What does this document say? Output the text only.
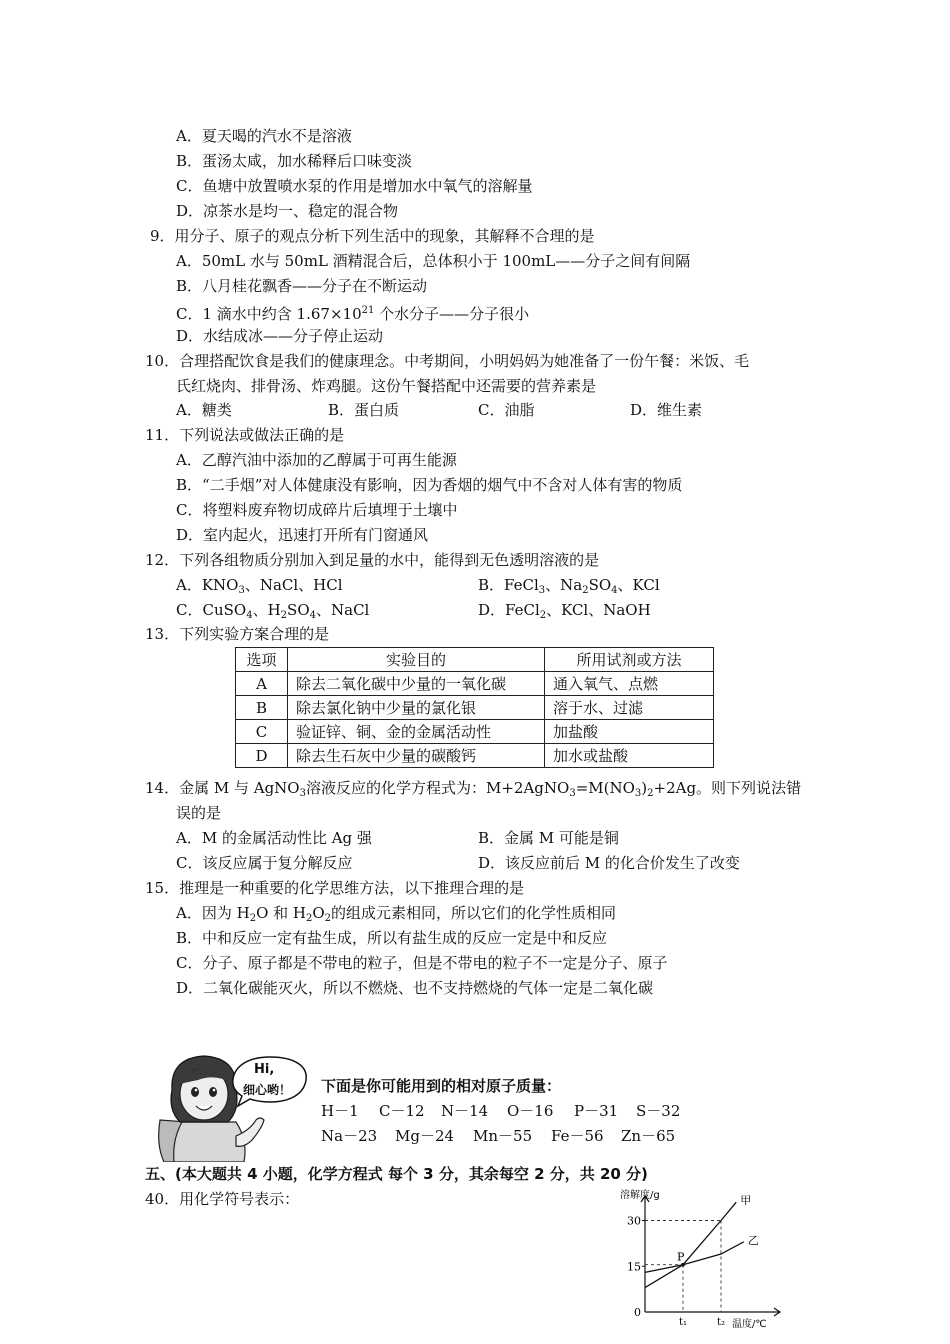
A．夏天喝的汽水不是溶液
B．蛋汤太咸，加水稀释后口味变淡
C．鱼塘中放置喷水泵的作用是增加水中氧气的溶解量
D．凉茶水是均一、稳定的混合物
9．用分子、原子的观点分析下列生活中的现象，其解释不合理的是
A．50mL 水与 50mL 酒精混合后，总体积小于 100mL——分子之间有间隔
B．八月桂花飘香——分子在不断运动
C．1 滴水中约含 $1.67\times 10^{21}$ 个水分子——分子很小
D．水结成冰——分子停止运动
10．合理搭配饮食是我们的健康理念。中考期间，小明妈妈为她准备了一份午餐：米饭、毛
氏红烧肉、排骨汤、炸鸡腿。这份午餐搭配中还需要的营养素是
A．糖类	B．蛋白质	C．油脂	D．维生素
11．下列说法或做法正确的是
A．乙醇汽油中添加的乙醇属于可再生能源
B．“二手烟”对人体健康没有影响，因为香烟的烟气中不含对人体有害的物质
C．将塑料废弃物切成碎片后填埋于土壤中
D．室内起火，迅速打开所有门窗通风
12．下列各组物质分别加入到足量的水中，能得到无色透明溶液的是
A．$KNO_3$、NaCl、HCl	B．FeCl$_3$、$Na_2SO_4$、KCl
C．CuSO$_4$、$H_2SO_4$、NaCl	D．FeCl$_2$、KCl、NaOH
13．下列实验方案合理的是
选项	实验目的	所用试剂或方法
A	除去二氧化碳中少量的一氧化碳	通入氧气、点燃
B	除去氯化钠中少量的氯化银	溶于水、过滤
C	验证锌、铜、金的金属活动性	加盐酸
D	除去生石灰中少量的碳酸钙	加水或盐酸
14．金属 M 与 AgNO$_3$溶液反应的化学方程式为：$M+2AgNO_3=M(NO_3)_2+2Ag$。则下列说法错
误的是
A．M 的金属活动性比 Ag 强	B．金属 M 可能是铜
C．该反应属于复分解反应	D．该反应前后 M 的化合价发生了改变
15．推理是一种重要的化学思维方法，以下推理合理的是
A．因为 $H_2O$ 和 $H_2O_2$的组成元素相同，所以它们的化学性质相同
B．中和反应一定有盐生成，所以有盐生成的反应一定是中和反应
C．分子、原子都是不带电的粒子，但是不带电的粒子不一定是分子、原子
D．二氧化碳能灭火，所以不燃烧、也不支持燃烧的气体一定是二氧化碳
Hi,
细心哟！ 下面是你可能用到的相对原子质量：
H－1 C－12 N－14 O－16 P－31 S－32
Na－23 Mg－24 Mn－55 Fe－56 Zn－65
五、(本大题共 4 小题，化学方程式 每个 3 分，其余每空 2 分，共 20 分)
40．用化学符号表示：
0
15
30
t₁	t₂
甲
乙
P
溶解度/g
温度/℃
